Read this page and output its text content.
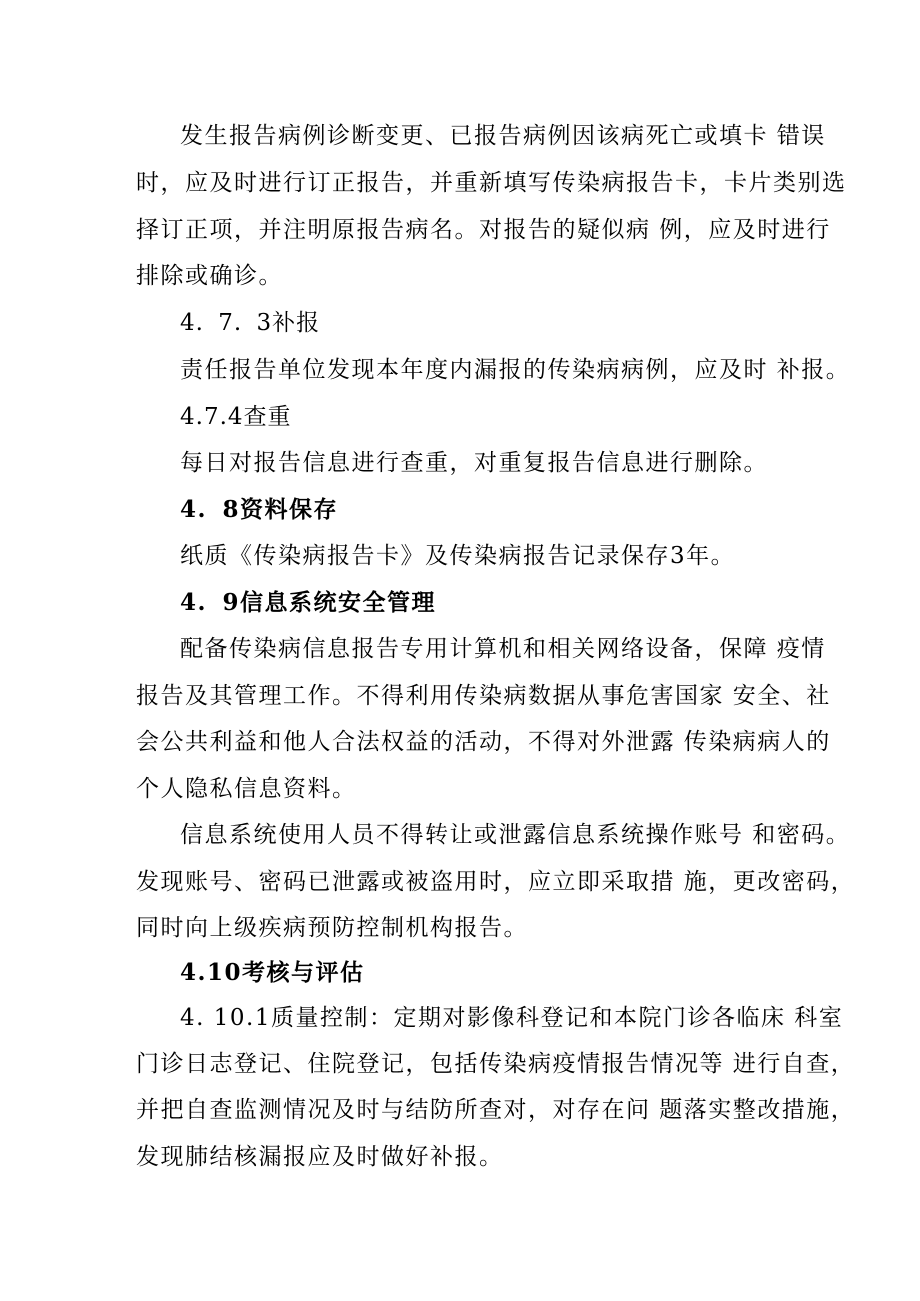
发生报告病例诊断变更、已报告病例因该病死亡或填卡 错误
时，应及时进行订正报告，并重新填写传染病报告卡，卡片类别选
择订正项，并注明原报告病名。对报告的疑似病 例，应及时进行
排除或确诊。
4. 7. 3补报
责任报告单位发现本年度内漏报的传染病病例，应及时 补报。
4.7.4查重
每日对报告信息进行查重，对重复报告信息进行删除。
4. 8资料保存
纸质《传染病报告卡》及传染病报告记录保存3年。
4. 9信息系统安全管理
配备传染病信息报告专用计算机和相关网络设备，保障 疫情
报告及其管理工作。不得利用传染病数据从事危害国家 安全、社
会公共利益和他人合法权益的活动，不得对外泄露 传染病病人的
个人隐私信息资料。
信息系统使用人员不得转让或泄露信息系统操作账号 和密码。
发现账号、密码已泄露或被盗用时，应立即采取措 施，更改密码，
同时向上级疾病预防控制机构报告。
4.10考核与评估
4. 10.1质量控制：定期对影像科登记和本院门诊各临床 科室
门诊日志登记、住院登记，包括传染病疫情报告情况等 进行自查，
并把自查监测情况及时与结防所查对，对存在问 题落实整改措施，
发现肺结核漏报应及时做好补报。
